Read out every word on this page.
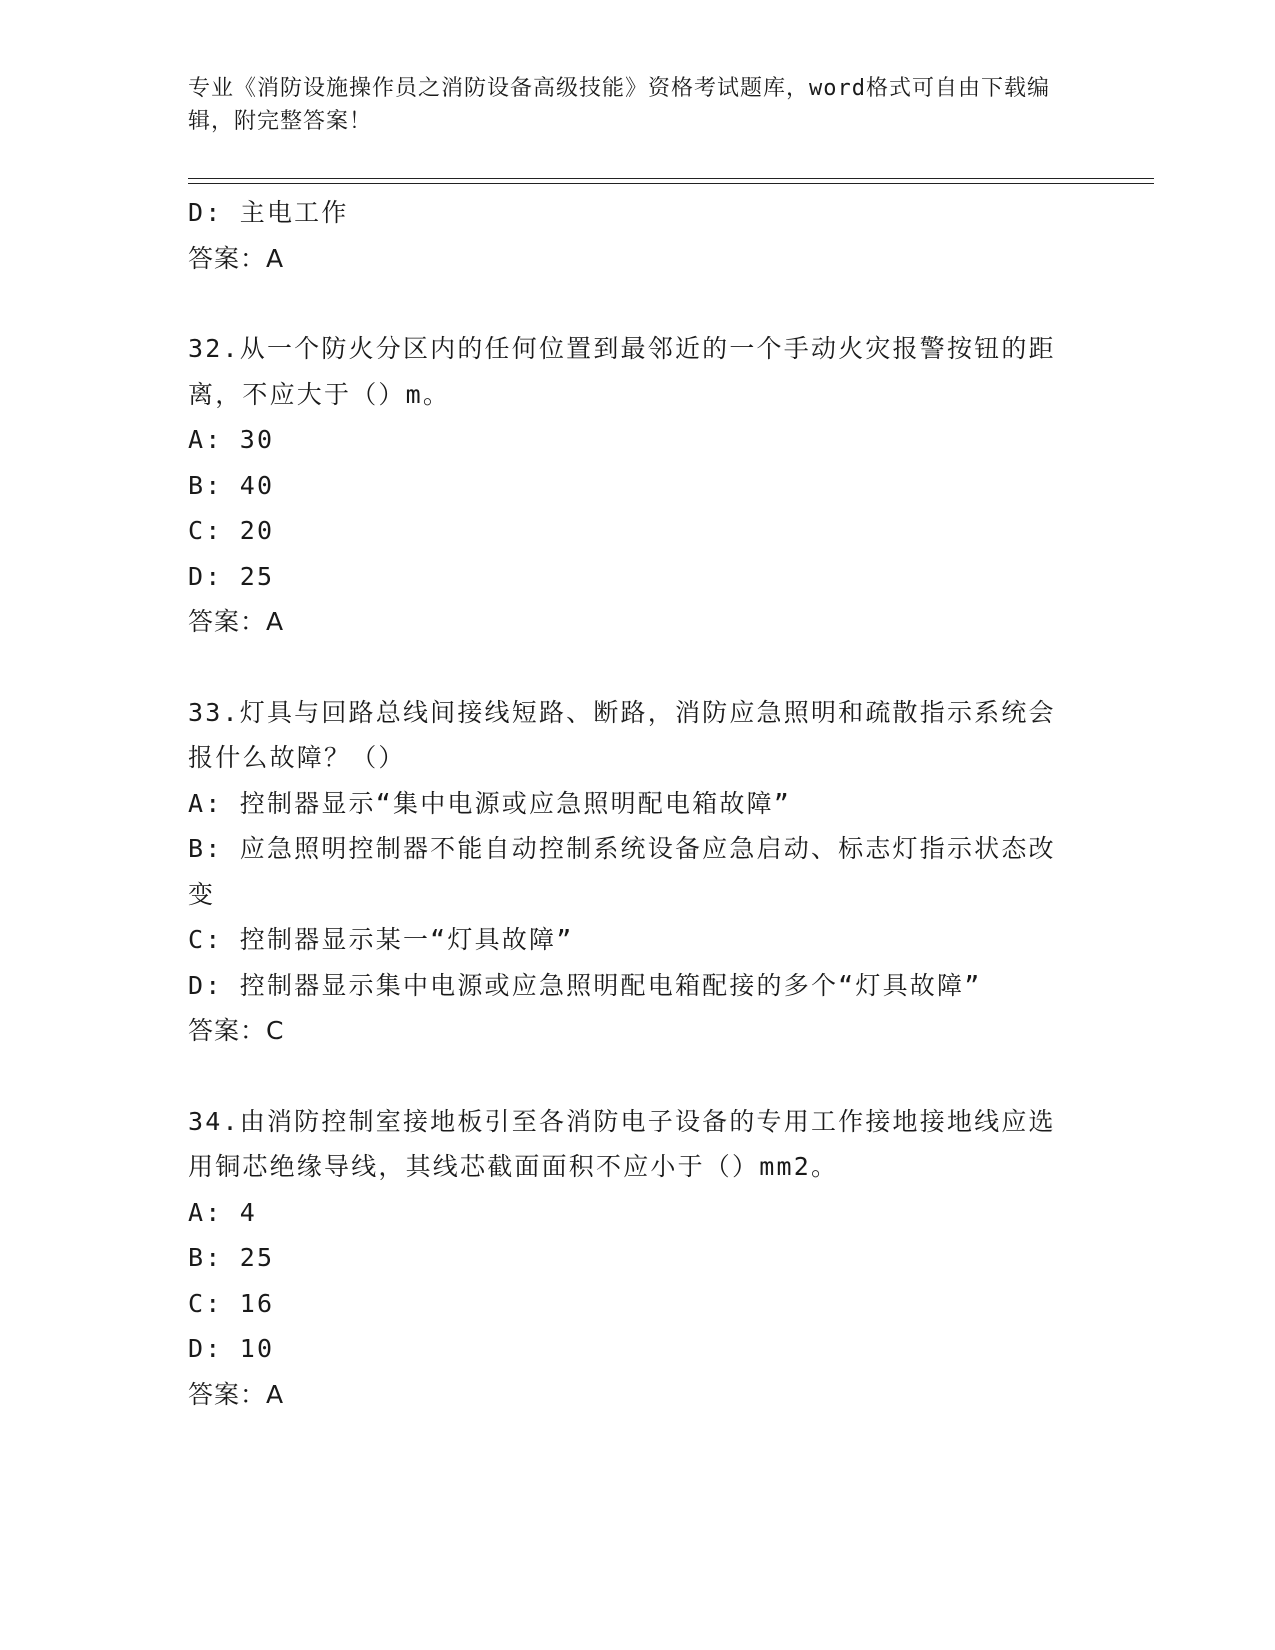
专业《消防设施操作员之消防设备高级技能》资格考试题库，word格式可自由下载编辑，附完整答案！
D: 主电工作
答案：A
32.从一个防火分区内的任何位置到最邻近的一个手动火灾报警按钮的距离，不应大于（）m。
A: 30
B: 40
C: 20
D: 25
答案：A
33.灯具与回路总线间接线短路、断路，消防应急照明和疏散指示系统会报什么故障？（）
A: 控制器显示“集中电源或应急照明配电箱故障”
B: 应急照明控制器不能自动控制系统设备应急启动、标志灯指示状态改变
C: 控制器显示某一“灯具故障”
D: 控制器显示集中电源或应急照明配电箱配接的多个“灯具故障”
答案：C
34.由消防控制室接地板引至各消防电子设备的专用工作接地接地线应选用铜芯绝缘导线，其线芯截面面积不应小于（）mm2。
A: 4
B: 25
C: 16
D: 10
答案：A
